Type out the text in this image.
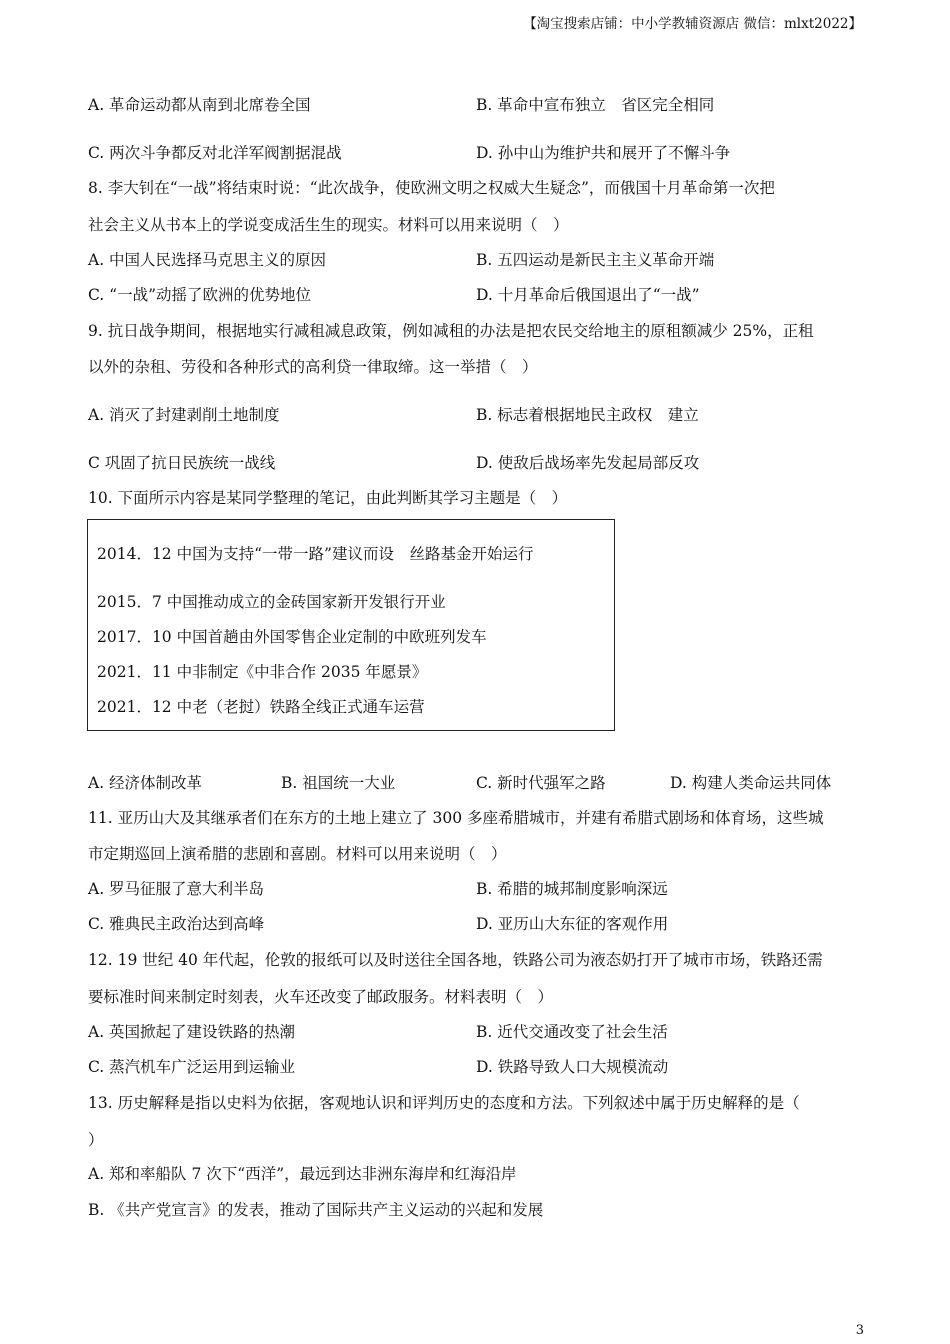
【淘宝搜索店铺：中小学教辅资源店 微信：mlxt2022】
A. 革命运动都从南到北席卷全国	B. 革命中宣布独立　省区完全相同
C. 两次斗争都反对北洋军阀割据混战	D. 孙中山为维护共和展开了不懈斗争
8. 李大钊在“一战”将结束时说：“此次战争，使欧洲文明之权威大生疑念”，而俄国十月革命第一次把
社会主义从书本上的学说变成活生生的现实。材料可以用来说明（　）
A. 中国人民选择马克思主义的原因	B. 五四运动是新民主主义革命开端
C. “一战”动摇了欧洲的优势地位	D. 十月革命后俄国退出了“一战”
9. 抗日战争期间，根据地实行减租减息政策，例如减租的办法是把农民交给地主的原租额减少 25%，正租
以外的杂租、劳役和各种形式的高利贷一律取缔。这一举措（　）
A. 消灭了封建剥削土地制度	B. 标志着根据地民主政权　建立
C 巩固了抗日民族统一战线	D. 使敌后战场率先发起局部反攻
10. 下面所示内容是某同学整理的笔记，由此判断其学习主题是（　）
2014．12 中国为支持“一带一路”建议而设　丝路基金开始运行
2015．7 中国推动成立的金砖国家新开发银行开业
2017．10 中国首趟由外国零售企业定制的中欧班列发车
2021．11 中非制定《中非合作 2035 年愿景》
2021．12 中老（老挝）铁路全线正式通车运营
A. 经济体制改革	B. 祖国统一大业	C. 新时代强军之路	D. 构建人类命运共同体
11. 亚历山大及其继承者们在东方的土地上建立了 300 多座希腊城市，并建有希腊式剧场和体育场，这些城
市定期巡回上演希腊的悲剧和喜剧。材料可以用来说明（　）
A. 罗马征服了意大利半岛	B. 希腊的城邦制度影响深远
C. 雅典民主政治达到高峰	D. 亚历山大东征的客观作用
12. 19 世纪 40 年代起，伦敦的报纸可以及时送往全国各地，铁路公司为液态奶打开了城市市场，铁路还需
要标准时间来制定时刻表，火车还改变了邮政服务。材料表明（　）
A. 英国掀起了建设铁路的热潮	B. 近代交通改变了社会生活
C. 蒸汽机车广泛运用到运输业	D. 铁路导致人口大规模流动
13. 历史解释是指以史料为依据，客观地认识和评判历史的态度和方法。下列叙述中属于历史解释的是（
）
A. 郑和率船队 7 次下“西洋”，最远到达非洲东海岸和红海沿岸
B. 《共产党宣言》的发表，推动了国际共产主义运动的兴起和发展
3
